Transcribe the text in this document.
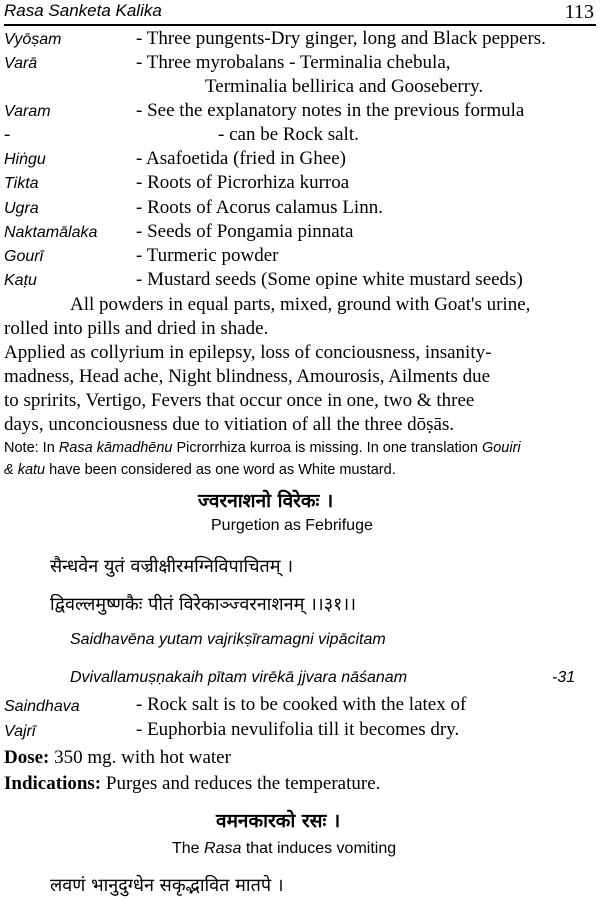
Rasa Sanketa Kalika	113
Vyōṣam	- Three pungents-Dry ginger, long and Black peppers.
Varā	- Three myrobalans - Terminalia chebula,
Terminalia bellirica and Gooseberry.
Varam	- See the explanatory notes in the previous formula
-	- can be Rock salt.
Hiṅgu	- Asafoetida (fried in Ghee)
Tikta	- Roots of Picrorhiza kurroa
Ugra	- Roots of Acorus calamus Linn.
Naktamālaka - Seeds of Pongamia pinnata
Gourī	- Turmeric powder
Kaṭu	- Mustard seeds (Some opine white mustard seeds)
All powders in equal parts, mixed, ground with Goat's urine,
rolled into pills and dried in shade.
Applied as collyrium in epilepsy, loss of conciousness, insanity-
madness, Head ache, Night blindness, Amourosis, Ailments due
to spririts, Vertigo, Fevers that occur once in one, two & three
days, unconciousness due to vitiation of all the three dōṣās.
Note: In Rasa kāmadhēnu Picrorrhiza kurroa is missing. In one translation Gouiri
& katu have been considered as one word as White mustard.
ज्वरनाशनो विरेकः ।
Purgetion as Febrifuge
सैन्धवेन युतं वज्रीक्षीरमग्निविपाचितम् ।
द्विवल्लमुष्णकैः पीतं विरेकाञ्ज्वरनाशनम् ।।३१।।
Saidhavēna yutam vajrikṣīramagni vipācitam
Dvivallamuṣṇakaih pītam virēkā jjvara nāśanam	-31
Saindhava	- Rock salt is to be cooked with the latex of
Vajrī	- Euphorbia nevulifolia till it becomes dry.
Dose: 350 mg. with hot water
Indications: Purges and reduces the temperature.
वमनकारको रसः ।
The Rasa that induces vomiting
लवणं भानुदुग्धेन सकृद्भावित मातपे ।
